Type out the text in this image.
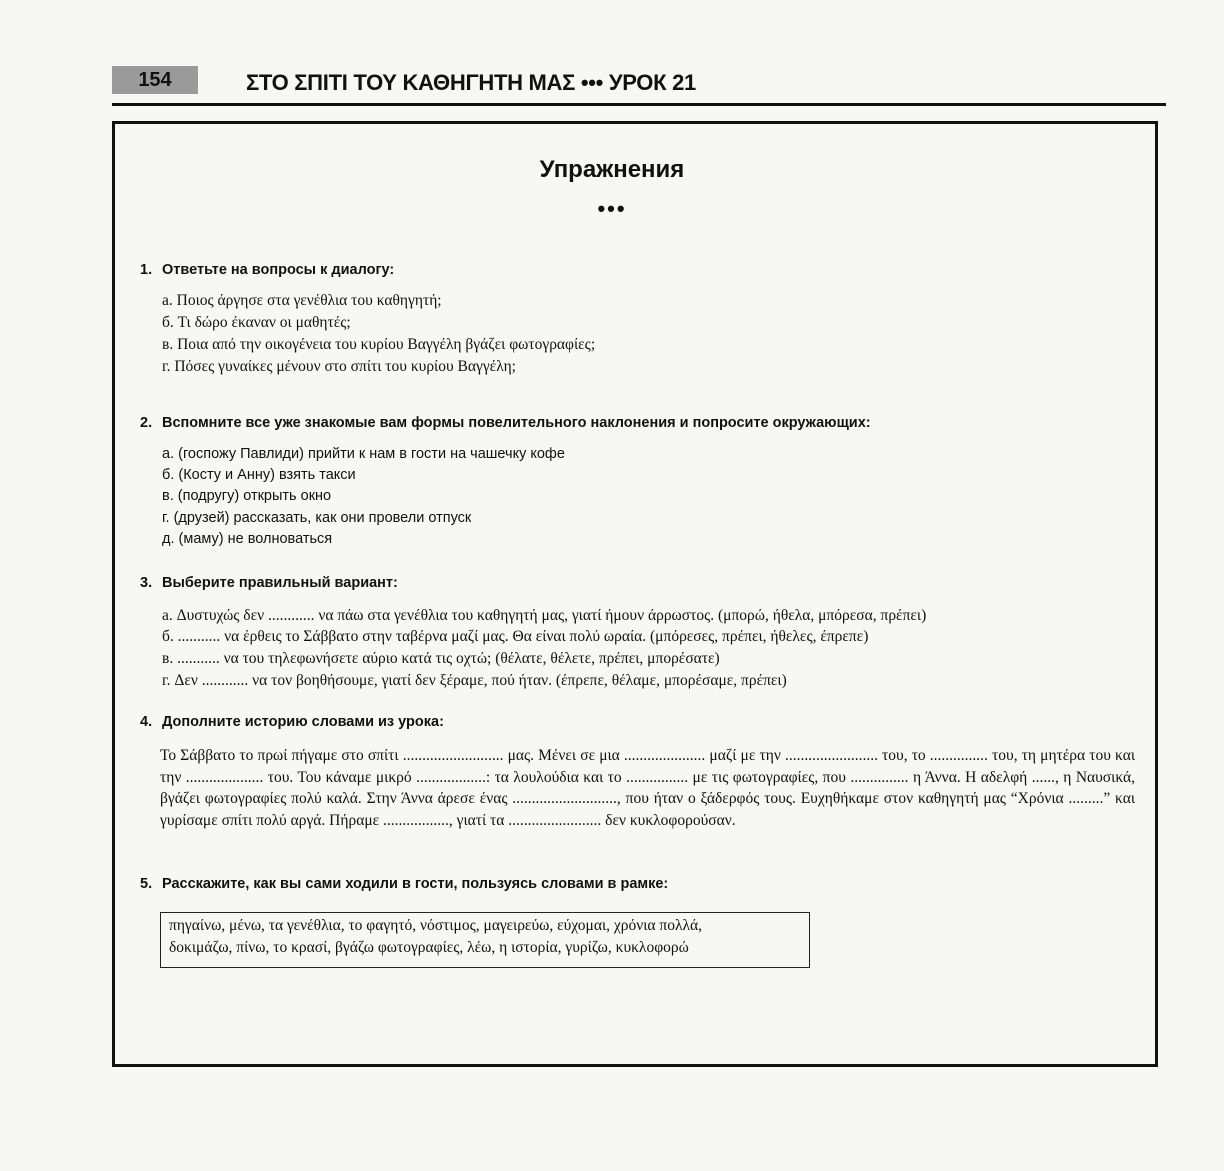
154	ΣΤΟ ΣΠΙΤΙ ΤΟΥ ΚΑΘΗΓΗΤΗ ΜΑΣ ••• УРОК 21
Упражнения
•••
1. Ответьте на вопросы к диалогу:
а. Ποιος άργησε στα γενέθλια του καθηγητή;
б. Τι δώρο έκαναν οι μαθητές;
в. Ποια από την οικογένεια του κυρίου Βαγγέλη βγάζει φωτογραφίες;
г. Πόσες γυναίκες μένουν στο σπίτι του κυρίου Βαγγέλη;
2. Вспомните все уже знакомые вам формы повелительного наклонения и попросите окружающих:
а. (госпожу Павлиди) прийти к нам в гости на чашечку кофе
б. (Косту и Анну) взять такси
в. (подругу) открыть окно
г. (друзей) рассказать, как они провели отпуск
д. (маму) не волноваться
3. Выберите правильный вариант:
а. Δυστυχώς δεν ............ να πάω στα γενέθλια του καθηγητή μας, γιατί ήμουν άρρωστος. (μπορώ, ήθελα, μπόρεσα, πρέπει)
б. ........... να έρθεις το Σάββατο στην ταβέρνα μαζί μας. Θα είναι πολύ ωραία. (μπόρεσες, πρέπει, ήθελες, έπρεπε)
в. ........... να του τηλεφωνήσετε αύριο κατά τις οχτώ; (θέλατε, θέλετε, πρέπει, μπορέσατε)
г. Δεν ............ να τον βοηθήσουμε, γιατί δεν ξέραμε, πού ήταν. (έπρεπε, θέλαμε, μπορέσαμε, πρέπει)
4. Дополните историю словами из урока:
Το Σάββατο το πρωί πήγαμε στο σπίτι .......................... μας. Μένει σε μια ..................... μαζί με την ........................ του, το ............... του, τη μητέρα του και την .................... του. Του κάναμε μικρό ..................: τα λουλούδια και το ................ με τις φωτογραφίες, που ............... η Άννα. Η αδελφή ......, η Ναυσικά, βγάζει φωτογραφίες πολύ καλά. Στην Άννα άρεσε ένας ..........................., που ήταν ο ξάδερφός τους. Ευχηθήκαμε στον καθηγητή μας “Χρόνια .........” και γυρίσαμε σπίτι πολύ αργά. Πήραμε ................., γιατί τα ........................ δεν κυκλοφορούσαν.
5. Расскажите, как вы сами ходили в гости, пользуясь словами в рамке:
πηγαίνω, μένω, τα γενέθλια, το φαγητό, νόστιμος, μαγειρεύω, εύχομαι, χρόνια πολλά,
δοκιμάζω, πίνω, το κρασί, βγάζω φωτογραφίες, λέω, η ιστορία, γυρίζω, κυκλοφορώ
